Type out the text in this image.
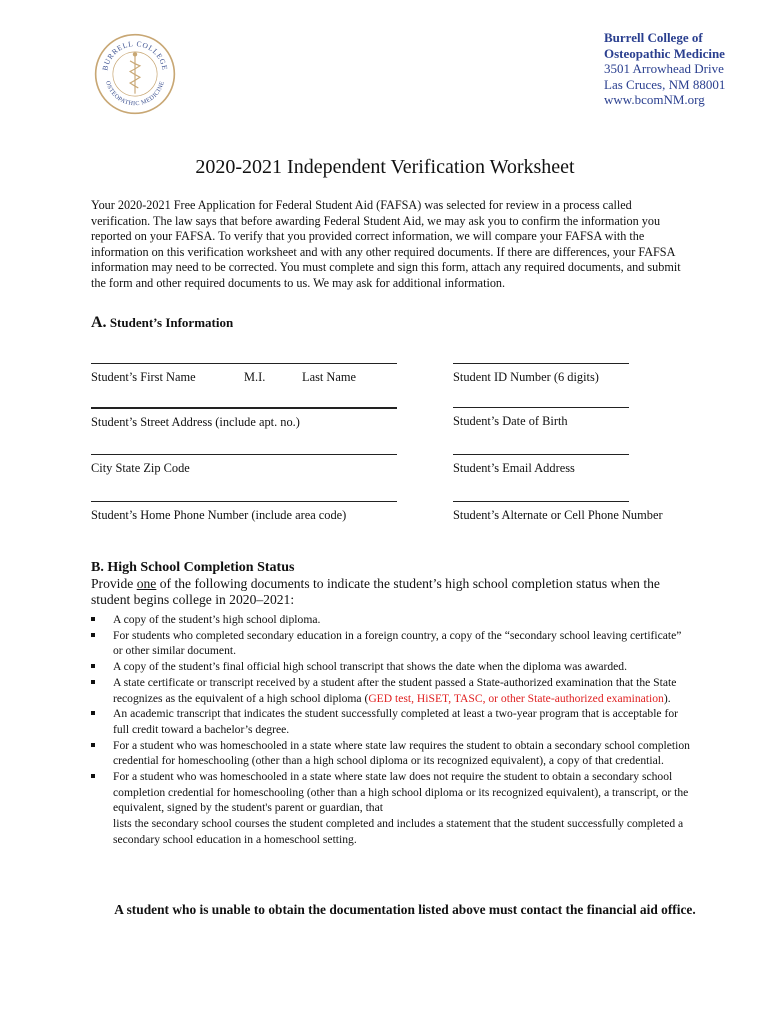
BURRELL COLLEGE
OSTEOPATHIC MEDICINE
Burrell College of
Osteopathic Medicine
3501 Arrowhead Drive
Las Cruces, NM 88001
www.bcomNM.org
2020-2021 Independent Verification Worksheet
Your 2020-2021 Free Application for Federal Student Aid (FAFSA) was selected for review in a process called verification. The law says that before awarding Federal Student Aid, we may ask you to confirm the information you reported on your FAFSA. To verify that you provided correct information, we will compare your FAFSA with the information on this verification worksheet and with any other required documents. If there are differences, your FAFSA information may need to be corrected. You must complete and sign this form, attach any required documents, and submit the form and other required documents to us. We may ask for additional information.
A. Student’s Information
Student’s First Name	M.I.	Last Name	Student ID Number (6 digits)
Student’s Street Address (include apt. no.)	Student’s Date of Birth
City State Zip Code	Student’s Email Address
Student’s Home Phone Number (include area code)	Student’s Alternate or Cell Phone Number
B. High School Completion Status
Provide one of the following documents to indicate the student’s high school completion status when the student begins college in 2020–2021:
A copy of the student’s high school diploma.
For students who completed secondary education in a foreign country, a copy of the “secondary school leaving certificate” or other similar document.
A copy of the student’s final official high school transcript that shows the date when the diploma was awarded.
A state certificate or transcript received by a student after the student passed a State-authorized examination that the State recognizes as the equivalent of a high school diploma (GED test, HiSET, TASC, or other State-authorized examination).
An academic transcript that indicates the student successfully completed at least a two-year program that is acceptable for full credit toward a bachelor’s degree.
For a student who was homeschooled in a state where state law requires the student to obtain a secondary school completion credential for homeschooling (other than a high school diploma or its recognized equivalent), a copy of that credential.
For a student who was homeschooled in a state where state law does not require the student to obtain a secondary school completion credential for homeschooling (other than a high school diploma or its recognized equivalent), a transcript, or the equivalent, signed by the student's parent or guardian, that
lists the secondary school courses the student completed and includes a statement that the student successfully completed a secondary school education in a homeschool setting.
A student who is unable to obtain the documentation listed above must contact the financial aid office.
